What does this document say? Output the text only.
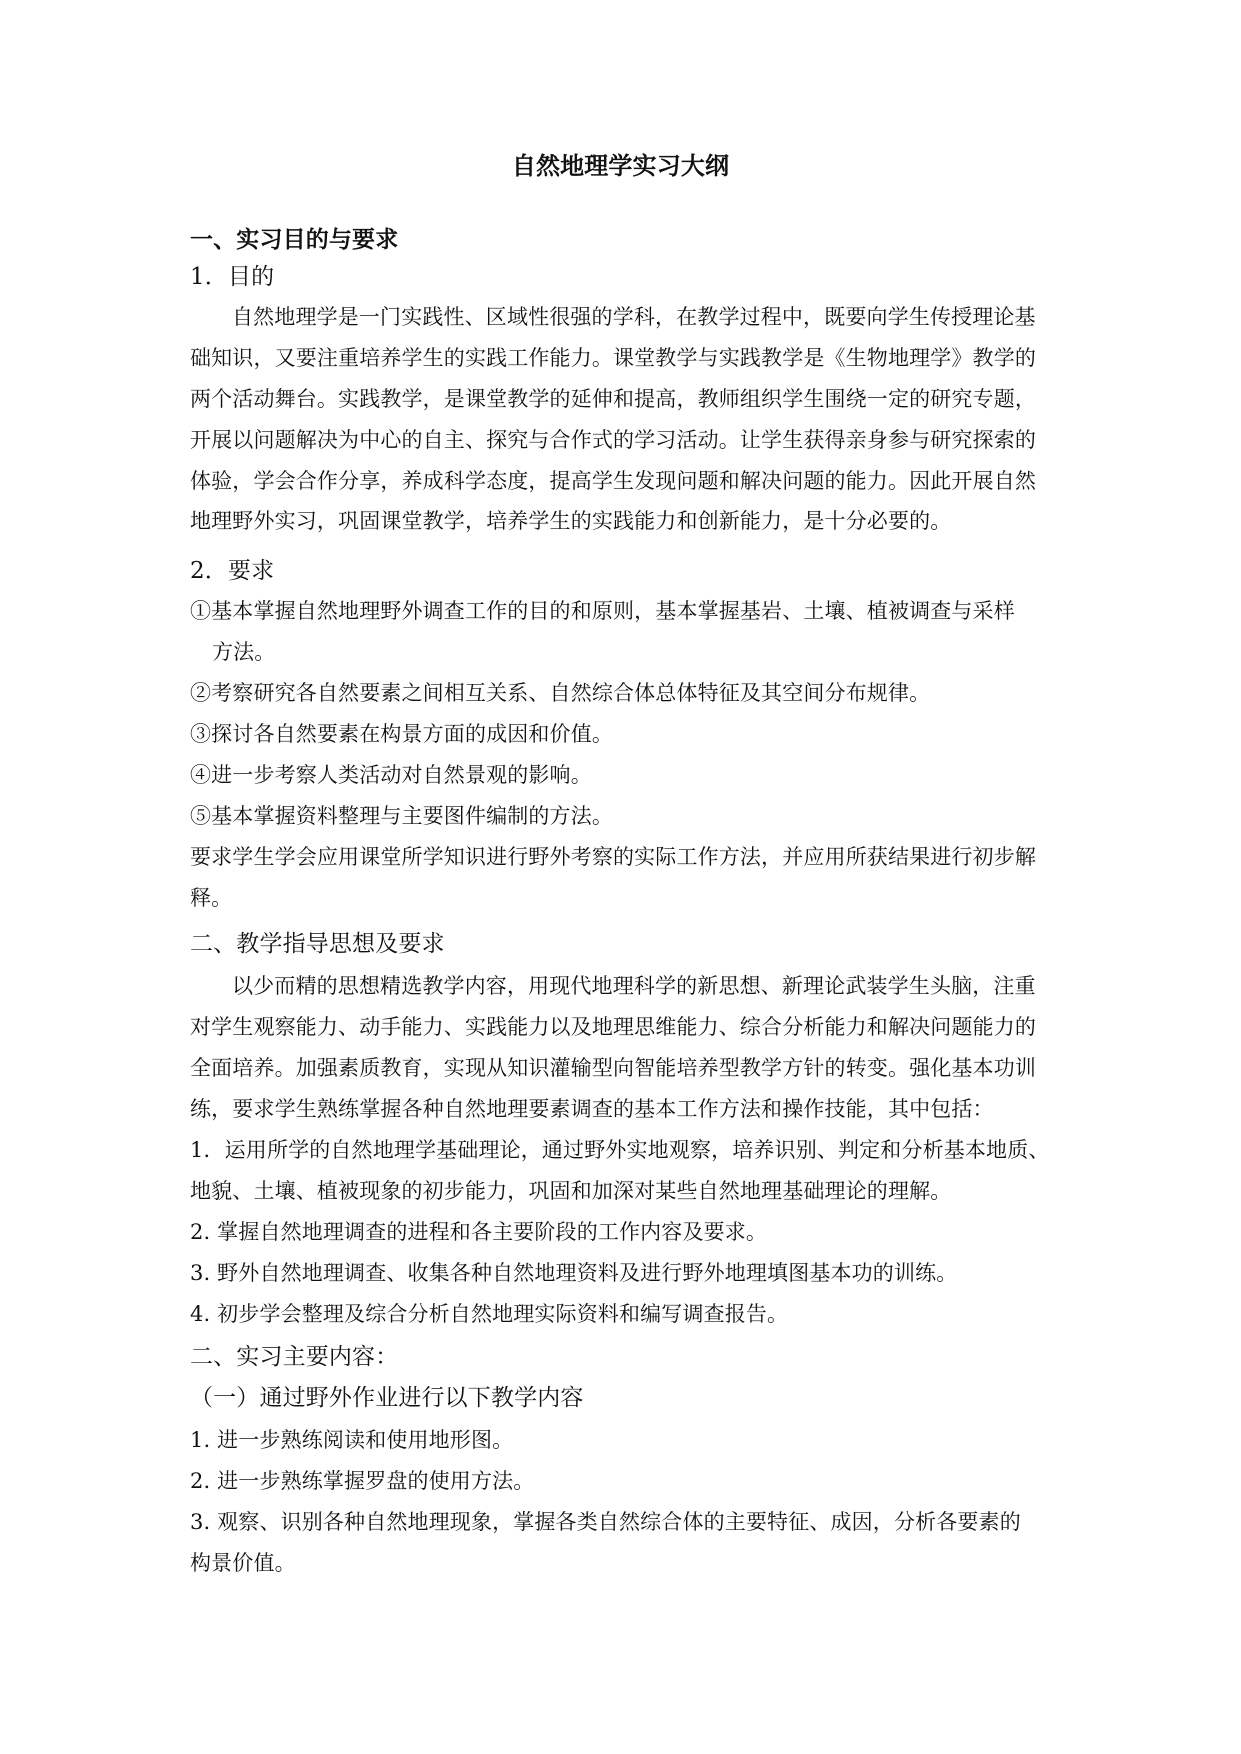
自然地理学实习大纲
一、实习目的与要求
1．目的
自然地理学是一门实践性、区域性很强的学科，在教学过程中，既要向学生传授理论基
础知识，又要注重培养学生的实践工作能力。课堂教学与实践教学是《生物地理学》教学的
两个活动舞台。实践教学，是课堂教学的延伸和提高，教师组织学生围绕一定的研究专题，
开展以问题解决为中心的自主、探究与合作式的学习活动。让学生获得亲身参与研究探索的
体验，学会合作分享，养成科学态度，提高学生发现问题和解决问题的能力。因此开展自然
地理野外实习，巩固课堂教学，培养学生的实践能力和创新能力，是十分必要的。
2．要求
①基本掌握自然地理野外调查工作的目的和原则，基本掌握基岩、土壤、植被调查与采样
方法。
②考察研究各自然要素之间相互关系、自然综合体总体特征及其空间分布规律。
③探讨各自然要素在构景方面的成因和价值。
④进一步考察人类活动对自然景观的影响。
⑤基本掌握资料整理与主要图件编制的方法。
要求学生学会应用课堂所学知识进行野外考察的实际工作方法，并应用所获结果进行初步解
释。
二、教学指导思想及要求
以少而精的思想精选教学内容，用现代地理科学的新思想、新理论武装学生头脑，注重
对学生观察能力、动手能力、实践能力以及地理思维能力、综合分析能力和解决问题能力的
全面培养。加强素质教育，实现从知识灌输型向智能培养型教学方针的转变。强化基本功训
练，要求学生熟练掌握各种自然地理要素调查的基本工作方法和操作技能，其中包括：
1．运用所学的自然地理学基础理论，通过野外实地观察，培养识别、判定和分析基本地质、
地貌、土壤、植被现象的初步能力，巩固和加深对某些自然地理基础理论的理解。
2. 掌握自然地理调查的进程和各主要阶段的工作内容及要求。
3. 野外自然地理调查、收集各种自然地理资料及进行野外地理填图基本功的训练。
4. 初步学会整理及综合分析自然地理实际资料和编写调查报告。
二、实习主要内容：
（一）通过野外作业进行以下教学内容
1. 进一步熟练阅读和使用地形图。
2. 进一步熟练掌握罗盘的使用方法。
3. 观察、识别各种自然地理现象，掌握各类自然综合体的主要特征、成因，分析各要素的
构景价值。
